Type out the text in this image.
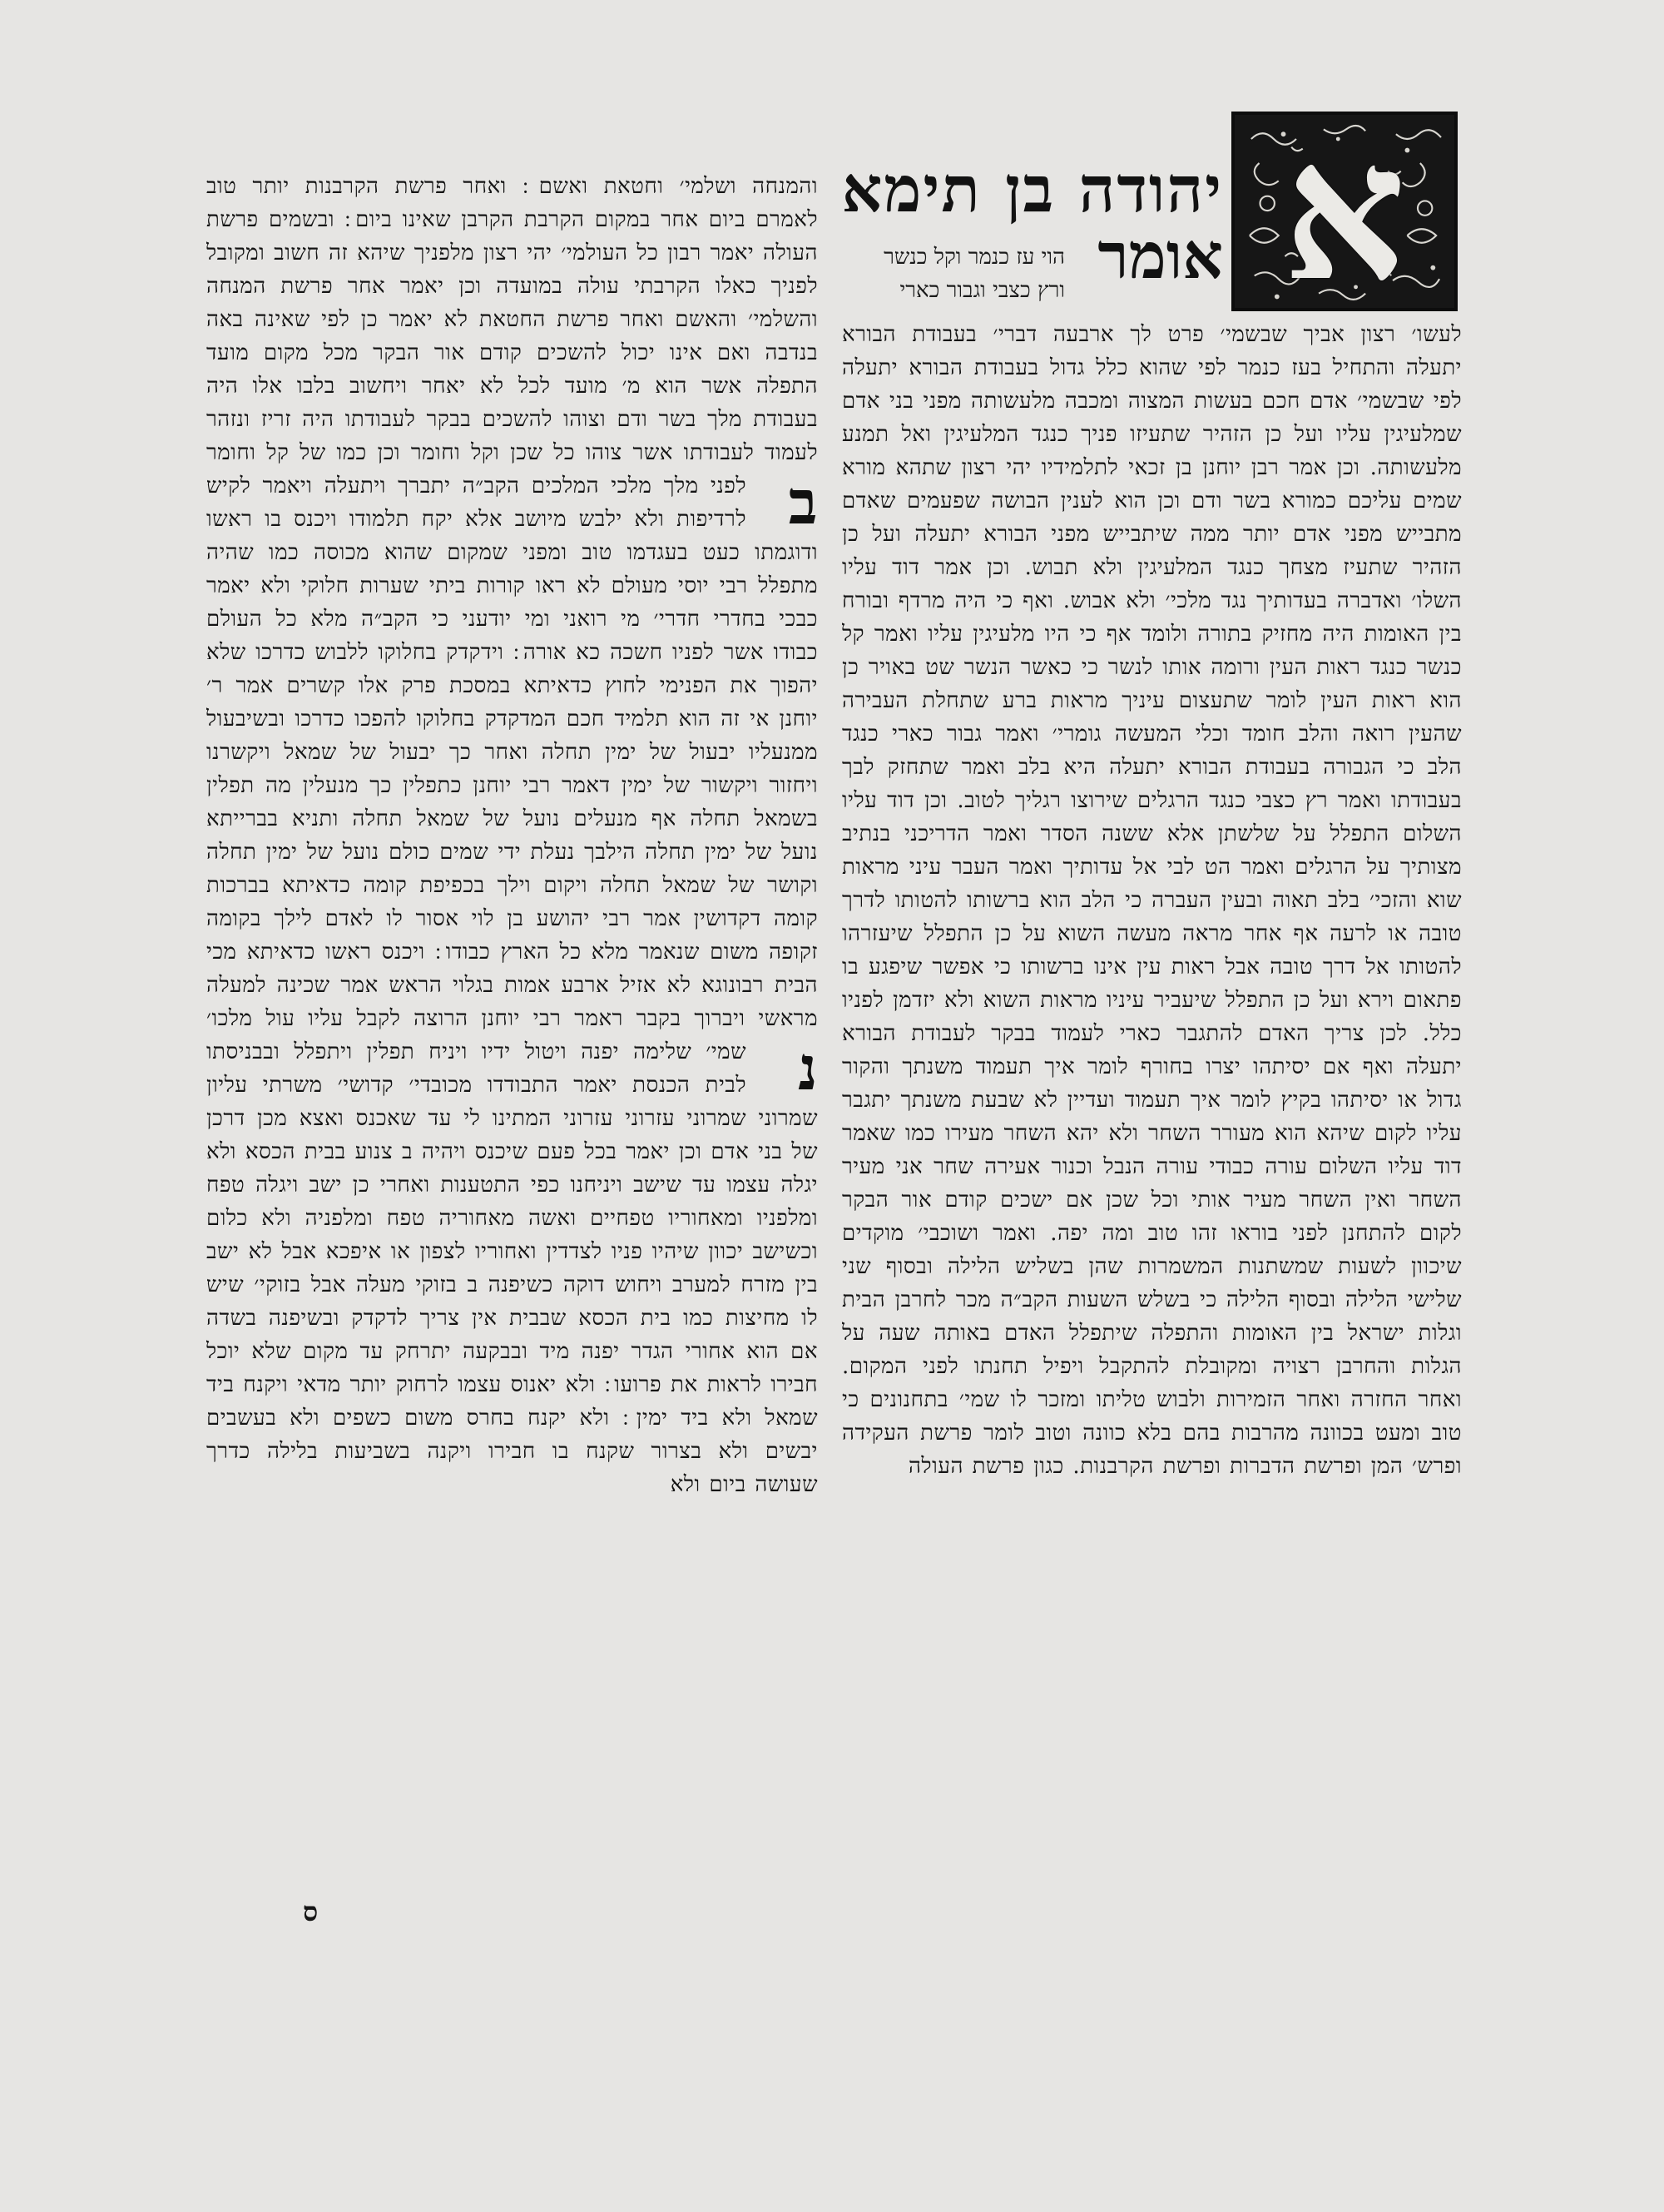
א
יהודה בן תימא
אומר
הוי עז כנמר וקל כנשר
ורץ כצבי וגבור כארי
לעשו׳ רצון אביך שבשמי׳ פרט לך ארבעה דברי׳ בעבודת הבורא יתעלה והתחיל בעז כנמר לפי שהוא כלל גדול בעבודת הבורא יתעלה לפי שבשמי׳ אדם חכם בעשות המצוה ומכבה מלעשותה מפני בני אדם שמלעיגין עליו ועל כן הזהיר שתעיזו פניך כנגד המלעיגין ואל תמנע מלעשותה. וכן אמר רבן יוחנן בן זכאי לתלמידיו יהי רצון שתהא מורא שמים עליכם כמורא בשר ודם וכן הוא לענין הבושה שפעמים שאדם מתבייש מפני אדם יותר ממה שיתבייש מפני הבורא יתעלה ועל כן הזהיר שתעיז מצחך כנגד המלעיגין ולא תבוש. וכן אמר דוד עליו השלו׳ ואדברה בעדותיך נגד מלכי׳ ולא אבוש. ואף כי היה מרדף ובורח בין האומות היה מחזיק בתורה ולומד אף כי היו מלעיגין עליו ואמר קל כנשר כנגד ראות העין ורומה אותו לנשר כי כאשר הנשר שט באויר כן הוא ראות העין לומר שתעצום עיניך מראות ברע שתחלת העבירה שהעין רואה והלב חומד וכלי המעשה גומרי׳ ואמר גבור כארי כנגד הלב כי הגבורה בעבודת הבורא יתעלה היא בלב ואמר שתחזק לבך בעבודתו ואמר רץ כצבי כנגד הרגלים שירוצו רגליך לטוב. וכן דוד עליו השלום התפלל על שלשתן אלא ששנה הסדר ואמר הדריכני בנתיב מצותיך על הרגלים ואמר הט לבי אל עדותיך ואמר העבר עיני מראות שוא והזכי׳ בלב תאוה ובעין העברה כי הלב הוא ברשותו להטותו לדרך טובה או לרעה אף אחר מראה מעשה השוא על כן התפלל שיעזרהו להטותו אל דרך טובה אבל ראות עין אינו ברשותו כי אפשר שיפגע בו פתאום וירא ועל כן התפלל שיעביר עיניו מראות השוא ולא יזדמן לפניו כלל. לכן צריך האדם להתגבר כארי לעמוד בבקר לעבודת הבורא יתעלה ואף אם יסיתהו יצרו בחורף לומר איך תעמוד משנתך והקור גדול או יסיתהו בקיץ לומר איך תעמוד ועדיין לא שבעת משנתך יתגבר עליו לקום שיהא הוא מעורר השחר ולא יהא השחר מעירו כמו שאמר דוד עליו השלום עורה כבודי עורה הנבל וכנור אעירה שחר אני מעיר השחר ואין השחר מעיר אותי וכל שכן אם ישכים קודם אור הבקר לקום להתחנן לפני בוראו זהו טוב ומה יפה. ואמר ושוכבי׳ מוקדים שיכוון לשעות שמשתנות המשמרות שהן בשליש הלילה ובסוף שני שלישי הלילה ובסוף הלילה כי בשלש השעות הקב״ה מכר לחרבן הבית וגלות ישראל בין האומות והתפלה שיתפלל האדם באותה שעה על הגלות והחרבן רצויה ומקובלת להתקבל ויפיל תחנתו לפני המקום. ואחר החזרה ואחר הזמירות ולבוש טליתו ומזכר לו שמי׳ בתחנונים כי טוב ומעט בכוונה מהרבות בהם בלא כוונה וטוב לומר פרשת העקידה ופרש׳ המן ופרשת הדברות ופרשת הקרבנות. כגון פרשת העולה
והמנחה ושלמי׳ וחטאת ואשם ׃ ואחר פרשת הקרבנות יותר טוב לאמרם ביום אחר במקום הקרבת הקרבן שאינו ביום ׃ ובשמים פרשת העולה יאמר רבון כל העולמי׳ יהי רצון מלפניך שיהא זה חשוב ומקובל לפניך כאלו הקרבתי עולה במועדה וכן יאמר אחר פרשת המנחה והשלמי׳ והאשם ואחר פרשת החטאת לא יאמר כן לפי שאינה באה בנדבה ואם אינו יכול להשכים קודם אור הבקר מכל מקום מועד התפלה אשר הוא מ׳ מועד לכל לא יאחר ויחשוב בלבו אלו היה בעבודת מלך בשר ודם וצוהו להשכים בבקר לעבודתו היה זריז ונזהר לעמוד לעבודתו אשר צוהו כל שכן וקל וחומר וכן כמו של קל וחומר לפני מלך מלכי המלכים הקב״ה יתברך ויתעלה ב
ויאמר לקיש לרדיפות ולא ילבש מיושב אלא יקח תלמודו ויכנס בו ראשו ודוגמתו כעט בעגדמו טוב ומפני שמקום שהוא מכוסה כמו שהיה מתפלל רבי יוסי מעולם לא ראו קורות ביתי שערות חלוקי ולא יאמר כבכי בחדרי חדרי׳ מי רואני ומי יודעני כי הקב״ה מלא כל העולם כבודו אשר לפניו חשכה כא אורה ׃ וידקדק בחלוקו ללבוש כדרכו שלא יהפוך את הפנימי לחוץ כדאיתא במסכת פרק אלו קשרים אמר ר׳ יוחנן אי זה הוא תלמיד חכם המדקדק בחלוקו להפכו כדרכו ובשיבעול ממנעליו יבעול של ימין תחלה ואחר כך יבעול של שמאל ויקשרנו ויחזור ויקשור של ימין דאמר רבי יוחנן כתפלין כך מנעלין מה תפלין בשמאל תחלה אף מנעלים נועל של שמאל תחלה ותניא בברייתא נועל של ימין תחלה הילבך נעלת ידי שמים כולם נועל של ימין תחלה וקושר של שמאל תחלה ויקום וילך בכפיפת קומה כדאיתא בברכות קומה דקדושין אמר רבי יהושע בן לוי אסור לו לאדם לילך בקומה זקופה משום שנאמר מלא כל הארץ כבודו ׃ ויכנס ראשו כדאיתא מכי הבית רבונוגא לא אזיל ארבע אמות בגלוי הראש אמר שכינה למעלה מראשי ויברוך בקבר ראמר רבי יוחנן הרוצה לקבל עליו עול מלכו׳ שמי׳ שלימה יפנה ויטול ידיו ויניח תפלין ויתפלל נ
ובבניסתו לבית הכנסת יאמר התבודדו מכובדי׳ קדושי׳ משרתי עליון שמרוני שמרוני עזרוני עזרוני המתינו לי עד שאכנס ואצא מכן דרכן של בני אדם וכן יאמר בכל פעם שיכנס ויהיה ב צנוע בבית הכסא ולא יגלה עצמו עד שישב ויניחנו כפי התטענות ואחרי כן ישב ויגלה טפח ומלפניו ומאחוריו טפחיים ואשה מאחוריה טפח ומלפניה ולא כלום וכשישב יכוון שיהיו פניו לצדדין ואחוריו לצפון או איפכא אבל לא ישב בין מזרח למערב ויחוש דוקה כשיפנה ב בזוקי מעלה אבל בזוקי׳ שיש לו מחיצות כמו בית הכסא שבבית אין צריך לדקדק ובשיפנה בשדה אם הוא אחורי הגדר יפנה מיד ובבקעה יתרחק עד מקום שלא יוכל חבירו לראות את פרועו ׃ ולא יאנוס עצמו לרחוק יותר מדאי ויקנח ביד שמאל ולא ביד ימין ׃ ולא יקנח בחרס משום כשפים ולא בעשבים יבשים ולא בצרור שקנח בו חבירו ויקנה בשביעות בלילה כדרך שעושה ביום ולא
ס
